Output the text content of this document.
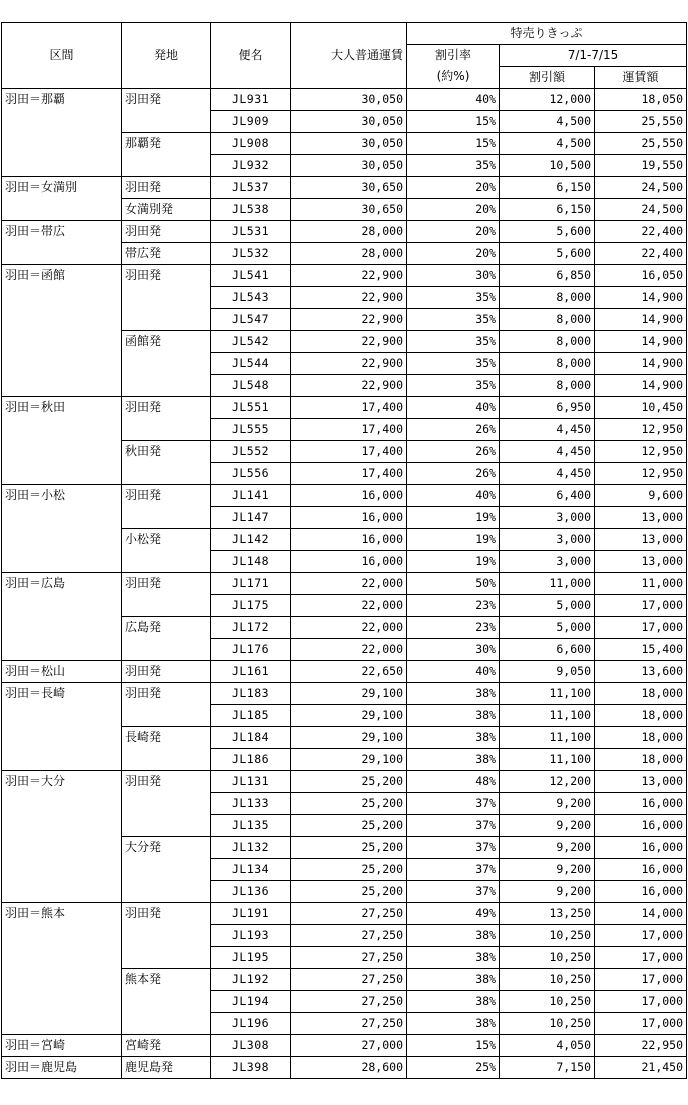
区間	発地	便名	大人普通運賃	特売りきっぷ		

				割引率
(約%)	7/1-7/15	
					割引額	運賃額
羽田＝那覇	羽田発	JL931	30,050	40%	12,000	18,050
		JL909	30,050	15%	4,500	25,550
	那覇発	JL908	30,050	15%	4,500	25,550
		JL932	30,050	35%	10,500	19,550
羽田＝女満別	羽田発	JL537	30,650	20%	6,150	24,500
	女満別発	JL538	30,650	20%	6,150	24,500
羽田＝帯広	羽田発	JL531	28,000	20%	5,600	22,400
	帯広発	JL532	28,000	20%	5,600	22,400
羽田＝函館	羽田発	JL541	22,900	30%	6,850	16,050
		JL543	22,900	35%	8,000	14,900
		JL547	22,900	35%	8,000	14,900
	函館発	JL542	22,900	35%	8,000	14,900
		JL544	22,900	35%	8,000	14,900
		JL548	22,900	35%	8,000	14,900
羽田＝秋田	羽田発	JL551	17,400	40%	6,950	10,450
		JL555	17,400	26%	4,450	12,950
	秋田発	JL552	17,400	26%	4,450	12,950
		JL556	17,400	26%	4,450	12,950
羽田＝小松	羽田発	JL141	16,000	40%	6,400	9,600
		JL147	16,000	19%	3,000	13,000
	小松発	JL142	16,000	19%	3,000	13,000
		JL148	16,000	19%	3,000	13,000
羽田＝広島	羽田発	JL171	22,000	50%	11,000	11,000
		JL175	22,000	23%	5,000	17,000
	広島発	JL172	22,000	23%	5,000	17,000
		JL176	22,000	30%	6,600	15,400
羽田＝松山	羽田発	JL161	22,650	40%	9,050	13,600
羽田＝長崎	羽田発	JL183	29,100	38%	11,100	18,000
		JL185	29,100	38%	11,100	18,000
	長崎発	JL184	29,100	38%	11,100	18,000
		JL186	29,100	38%	11,100	18,000
羽田＝大分	羽田発	JL131	25,200	48%	12,200	13,000
		JL133	25,200	37%	9,200	16,000
		JL135	25,200	37%	9,200	16,000
	大分発	JL132	25,200	37%	9,200	16,000
		JL134	25,200	37%	9,200	16,000
		JL136	25,200	37%	9,200	16,000
羽田＝熊本	羽田発	JL191	27,250	49%	13,250	14,000
		JL193	27,250	38%	10,250	17,000
		JL195	27,250	38%	10,250	17,000
	熊本発	JL192	27,250	38%	10,250	17,000
		JL194	27,250	38%	10,250	17,000
		JL196	27,250	38%	10,250	17,000
羽田＝宮崎	宮崎発	JL308	27,000	15%	4,050	22,950
羽田＝鹿児島	鹿児島発	JL398	28,600	25%	7,150	21,450
